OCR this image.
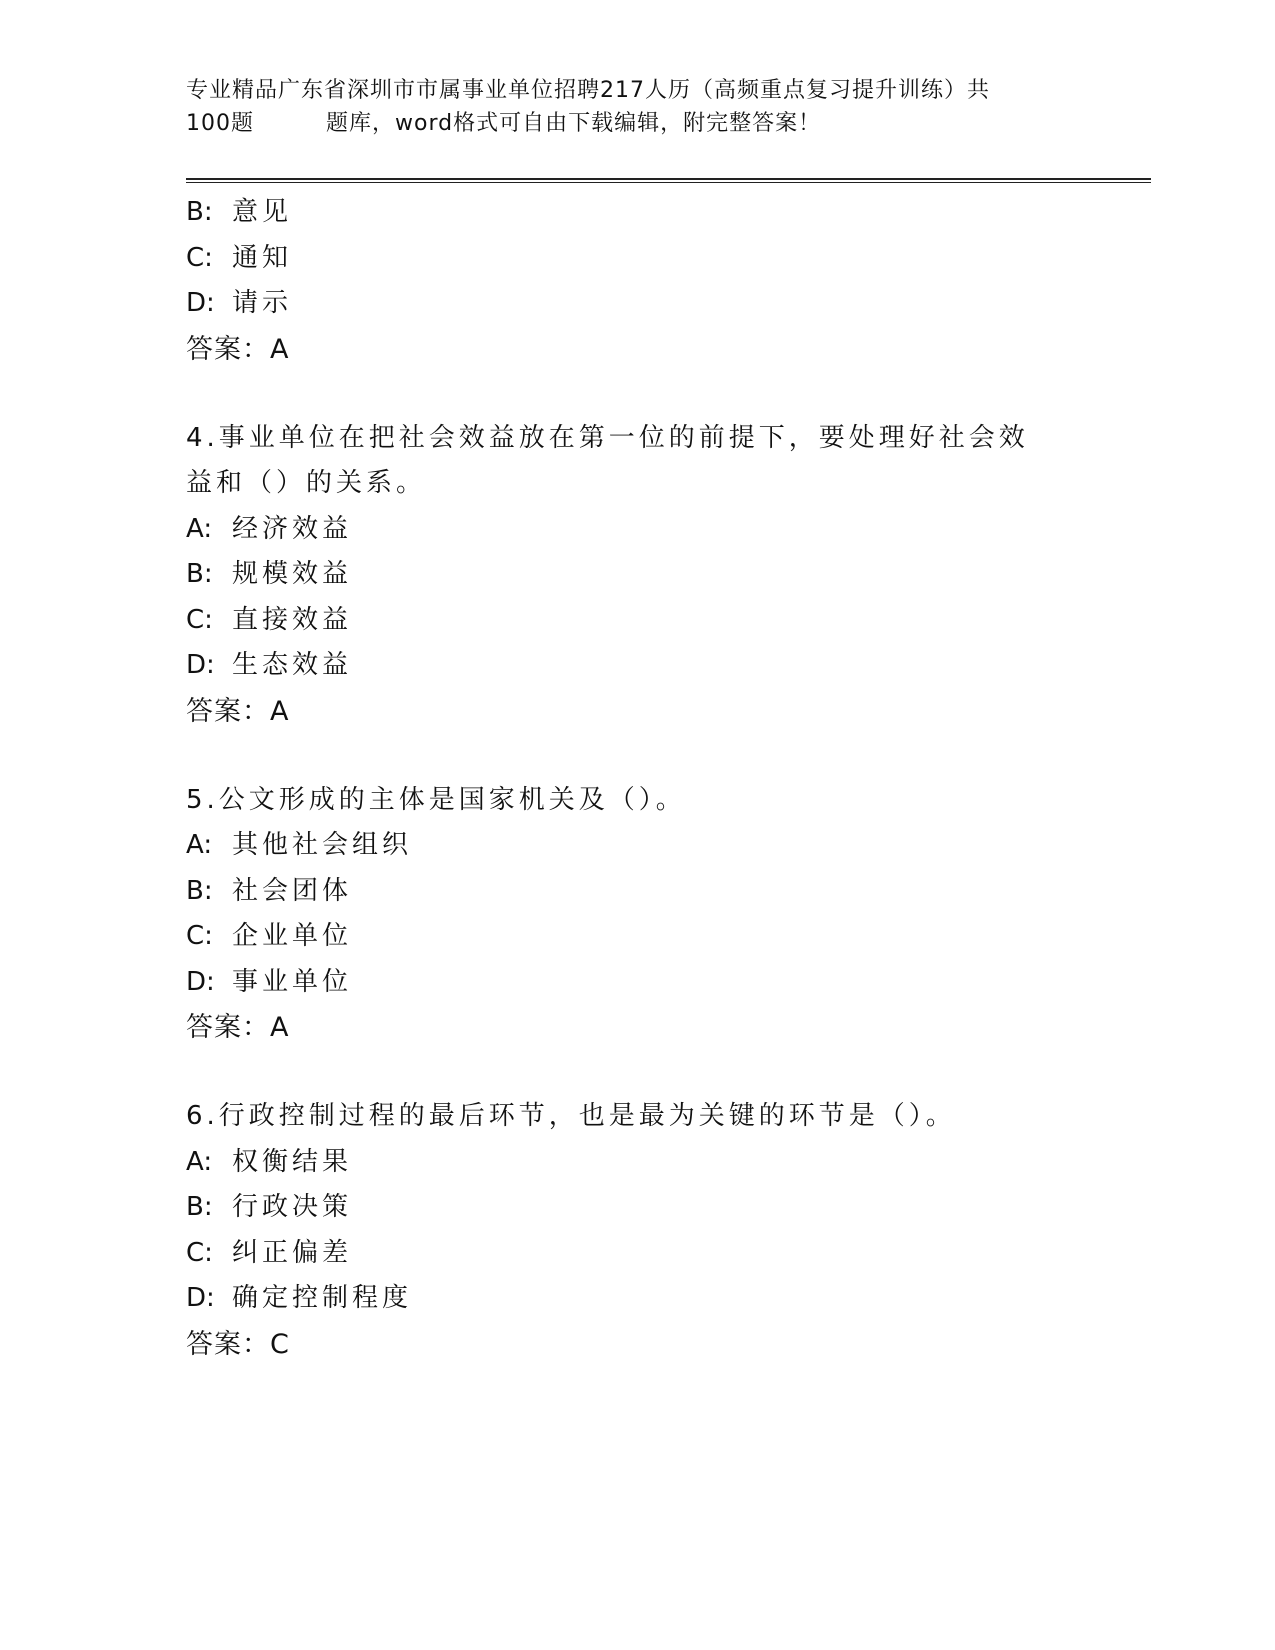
专业精品广东省深圳市市属事业单位招聘217人历（高频重点复习提升训练）共
100题	题库，word格式可自由下载编辑，附完整答案！
B: 意见
C: 通知
D: 请示
答案：A
4.事业单位在把社会效益放在第一位的前提下，要处理好社会效益和（）的关系。
A: 经济效益
B: 规模效益
C: 直接效益
D: 生态效益
答案：A
5.公文形成的主体是国家机关及（）。
A: 其他社会组织
B: 社会团体
C: 企业单位
D: 事业单位
答案：A
6.行政控制过程的最后环节，也是最为关键的环节是（）。
A: 权衡结果
B: 行政决策
C: 纠正偏差
D: 确定控制程度
答案：C
